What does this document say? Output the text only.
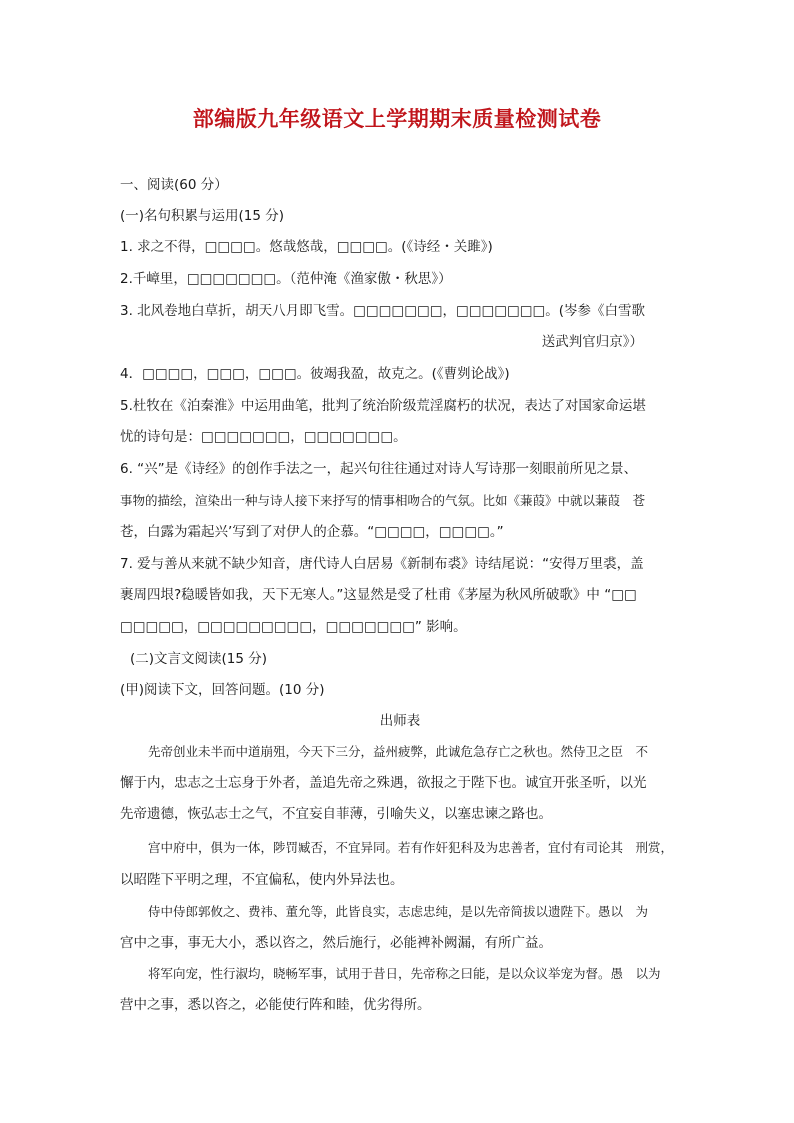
部编版九年级语文上学期期末质量检测试卷
一、阅读(60 分）
(一)名句积累与运用(15 分)
1. 求之不得，□□□□。悠哉悠哉，□□□□。(《诗经・关雎》)
2.千嶂里，□□□□□□□。（范仲淹《渔家傲・秋思》）
3. 北风卷地白草折，胡天八月即飞雪。□□□□□□□，□□□□□□□。(岑参《白雪歌
送武判官归京》）
4．□□□□，□□□，□□□。彼竭我盈，故克之。(《曹刿论战》)
5.杜牧在《泊秦淮》中运用曲笔，批判了统治阶级荒淫腐朽的状况，表达了对国家命运堪
忧的诗句是：□□□□□□□，□□□□□□□。
6. “兴”是《诗经》的创作手法之一，起兴句往往通过对诗人写诗那一刻眼前所见之景、
事物的描绘，渲染出一种与诗人接下来抒写的情事相吻合的气氛。比如《蒹葭》中就以蒹葭　苍
苍，白露为霜起兴’写到了对伊人的企慕。“□□□□，□□□□。”
7. 爱与善从来就不缺少知音，唐代诗人白居易《新制布裘》诗结尾说：“安得万里裘，盖
裹周四垠?稳暖皆如我，天下无寒人。”这显然是受了杜甫《茅屋为秋风所破歌》中 “□□
□□□□□，□□□□□□□□□，□□□□□□□” 影响。
(二)文言文阅读(15 分)
(甲)阅读下文，回答问题。(10 分)
出师表
先帝创业未半而中道崩殂，今天下三分，益州疲弊，此诚危急存亡之秋也。然侍卫之臣　不
懈于内，忠志之士忘身于外者，盖追先帝之殊遇，欲报之于陛下也。诚宜开张圣听，以光
先帝遗德，恢弘志士之气，不宜妄自菲薄，引喻失义，以塞忠谏之路也。
宫中府中，俱为一体，陟罚臧否，不宜异同。若有作奸犯科及为忠善者，宜付有司论其　刑赏，
以昭陛下平明之理，不宜偏私，使内外异法也。
侍中侍郎郭攸之、费祎、董允等，此皆良实，志虑忠纯，是以先帝简拔以遗陛下。愚以　为
宫中之事，事无大小，悉以咨之，然后施行，必能裨补阙漏，有所广益。
将军向宠，性行淑均，晓畅军事，试用于昔日，先帝称之曰能，是以众议举宠为督。愚　以为
营中之事，悉以咨之，必能使行阵和睦，优劣得所。
